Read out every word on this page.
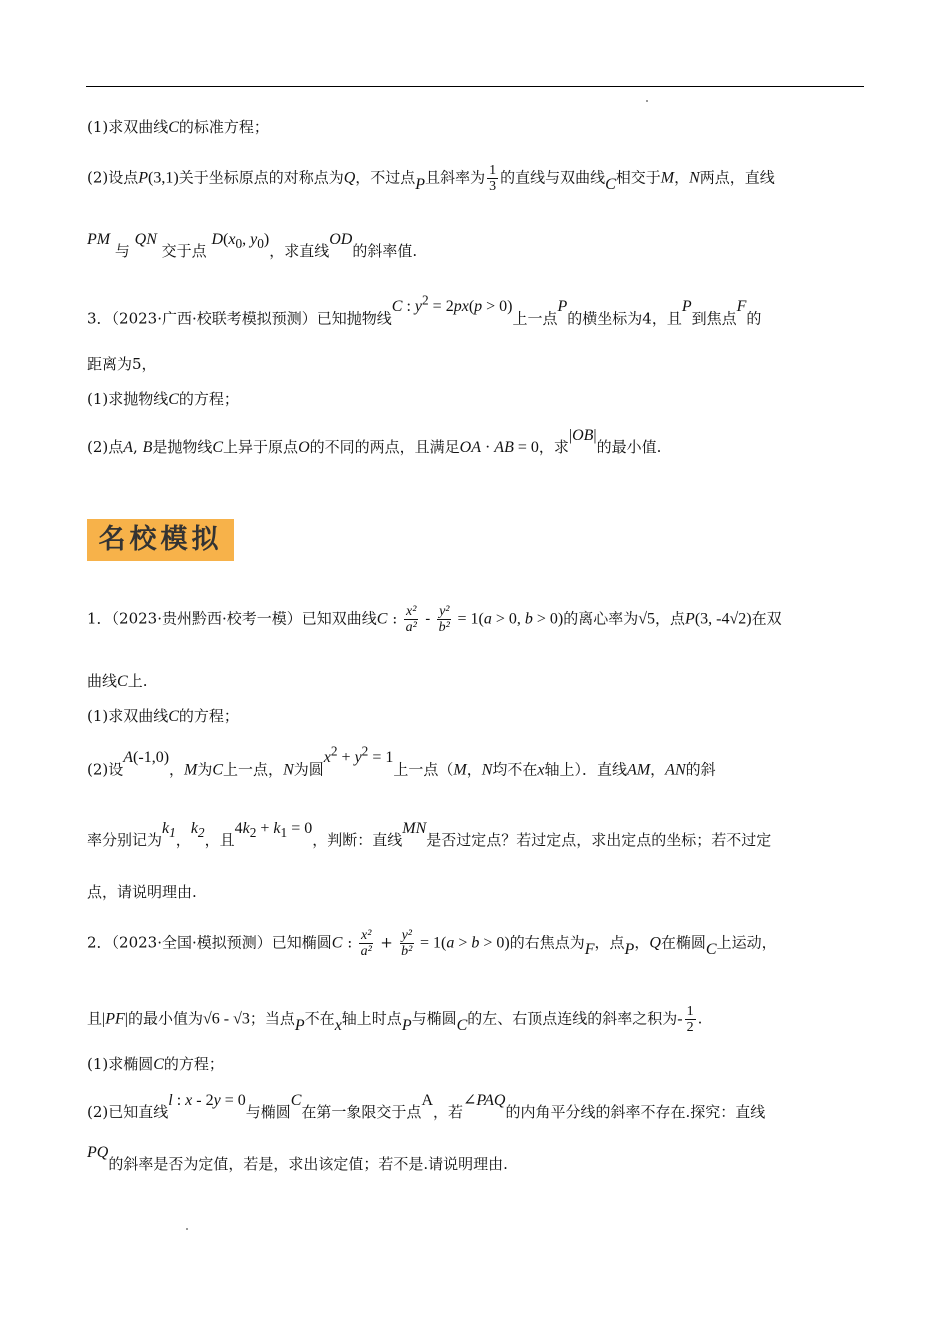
(1)求双曲线C的标准方程；
(2)设点P(3,1)关于坐标原点的对称点为Q，不过点P且斜率为 $\frac{1}{3}$ 的直线与双曲线C相交于M，N两点，直线
PM 与 QN 交于点 $D(x_0$, $y_0$)，求直线OD的斜率值.
3．（2023·广西·校联考模拟预测）已知抛物线C : $y^2 = 2px(p > 0)$上一点P的横坐标为4，且P到焦点F的
距离为5，
(1)求抛物线C的方程；
(2)点A, B是抛物线C上异于原点O的不同的两点，且满足OA · AB = 0，求|OB|的最小值.
名校模拟
1．（2023·贵州黔西·校考一模）已知双曲线C : $\frac{\text{x²}}{\text{a²}} - \frac{\text{y²}}{\text{b²}} = 1(a > 0$, b > 0)的离心率为√5，点P(3, -4√2)在双
曲线C上.
(1)求双曲线C的方程；
(2)设A(-1,0)，M为C上一点，N为圆$x^2 + y^2 = 1$上一点（M，N均不在x轴上）．直线AM，AN的斜
率分别记为$k_1$，$k_2$，且$4k_2 + k_1 = 0$，判断：直线MN是否过定点？若过定点，求出定点的坐标；若不过定
点，请说明理由.
2．（2023·全国·模拟预测）已知椭圆C : $\frac{\text{x²}}{\text{a²}} + \frac{\text{y²}}{\text{b²}} = 1(a > b > 0)$的右焦点为F，点P，Q在椭圆C上运动，
且|PF|的最小值为√6 - √3；当点P不在x轴上时点P与椭圆C的左、右顶点连线的斜率之积为- $\frac{1}{2}$ .
(1)求椭圆C的方程；
(2)已知直线l : x - 2y = 0与椭圆C在第一象限交于点A，若∠PAQ的内角平分线的斜率不存在.探究：直线
PQ的斜率是否为定值，若是，求出该定值；若不是.请说明理由.
